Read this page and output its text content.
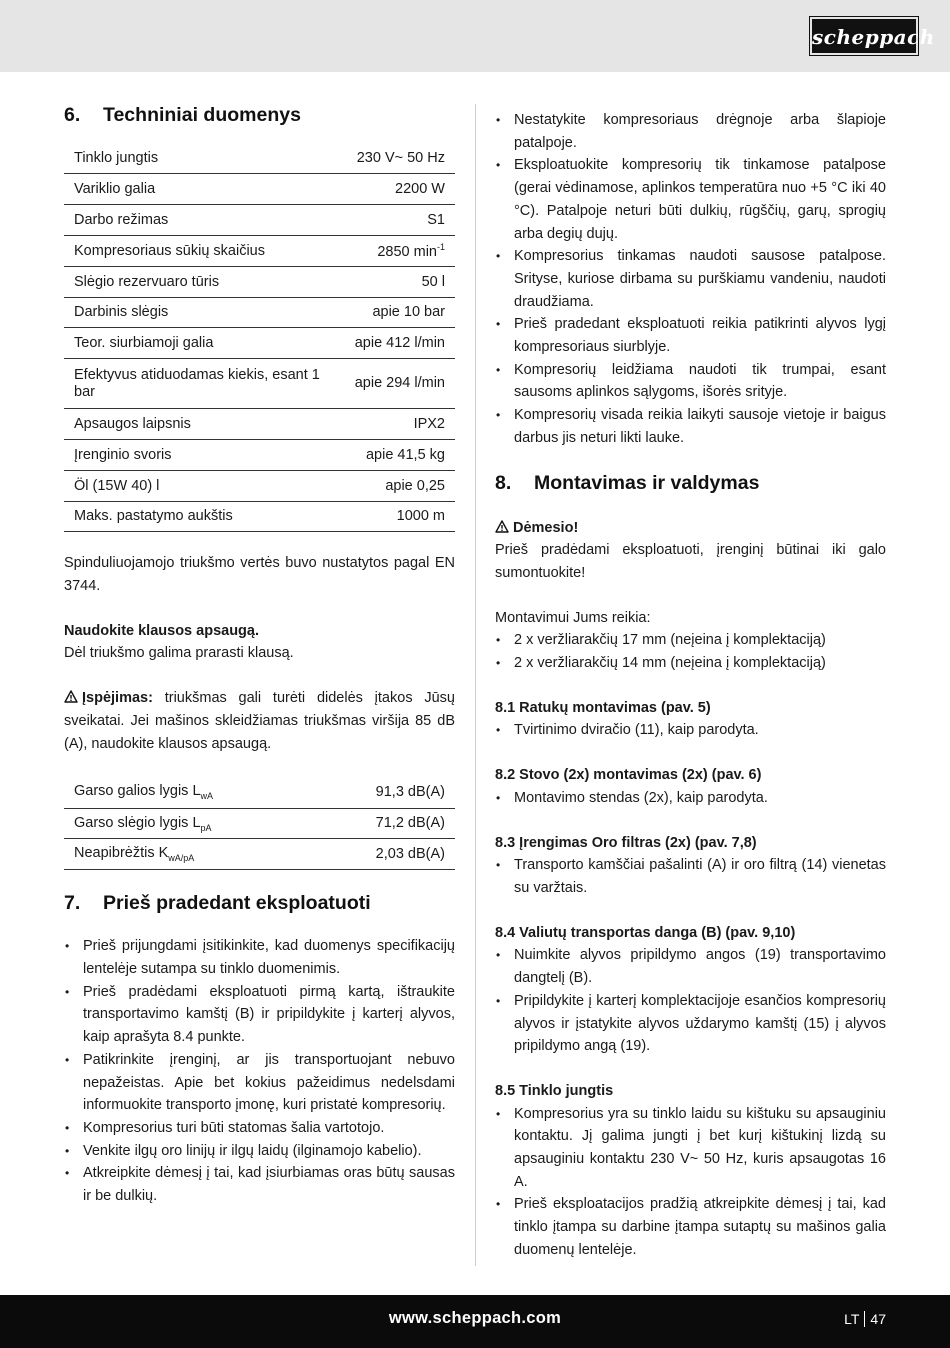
scheppach
6. Techniniai duomenys
Tinklo jungtis	230 V~ 50 Hz
Variklio galia	2200 W
Darbo režimas	S1
Kompresoriaus sūkių skaičius	2850 $\min^{-1}$
Slėgio rezervuaro tūris	50 l
Darbinis slėgis	apie 10 bar
Teor. siurbiamoji galia	apie 412 l/min
Efektyvus atiduodamas kiekis, esant 1 bar	apie 294 l/min
Apsaugos laipsnis	IPX2
Įrenginio svoris	apie 41,5 kg
Öl (15W 40) l	apie 0,25
Maks. pastatymo aukštis	1000 m

Spinduliuojamojo triukšmo vertės buvo nustatytos pagal EN 3744.

Naudokite klausos apsaugą.

Dėl triukšmo galima prarasti klausą.

Įspėjimas: triukšmas gali turėti didelės įtakos Jūsų sveikatai. Jei mašinos skleidžiamas triukšmas viršija 85 dB (A), naudokite klausos apsaugą.

Garso galios lygis $L_{wA}$	91,3 dB(A)
Garso slėgio lygis $L_{pA}$	71,2 dB(A)
Neapibrėžtis $K_{wA/pA}$	2,03 dB(A)
7. Prieš pradedant eksploatuoti
• Prieš prijungdami įsitikinkite, kad duomenys specifikacijų lentelėje sutampa su tinklo duomenimis.
• Prieš pradėdami eksploatuoti pirmą kartą, ištraukite transportavimo kamštį (B) ir pripildykite į karterį alyvos, kaip aprašyta 8.4 punkte.
• Patikrinkite įrenginį, ar jis transportuojant nebuvo nepažeistas. Apie bet kokius pažeidimus nedelsdami informuokite transporto įmonę, kuri pristatė kompresorių.
• Kompresorius turi būti statomas šalia vartotojo.
• Venkite ilgų oro linijų ir ilgų laidų (ilginamojo kabelio).
• Atkreipkite dėmesį į tai, kad įsiurbiamas oras būtų sausas ir be dulkių.
• Nestatykite kompresoriaus drėgnoje arba šlapioje patalpoje.
• Eksploatuokite kompresorių tik tinkamose patalpose (gerai vėdinamose, aplinkos temperatūra nuo +5 °C iki 40 °C). Patalpoje neturi būti dulkių, rūgščių, garų, sprogių arba degių dujų.
• Kompresorius tinkamas naudoti sausose patalpose. Srityse, kuriose dirbama su purškiamu vandeniu, naudoti draudžiama.
• Prieš pradedant eksploatuoti reikia patikrinti alyvos lygį kompresoriaus siurblyje.
• Kompresorių leidžiama naudoti tik trumpai, esant sausoms aplinkos sąlygoms, išorės srityje.
• Kompresorių visada reikia laikyti sausoje vietoje ir baigus darbus jis neturi likti lauke.
8. Montavimas ir valdymas

Dėmesio!

Prieš pradėdami eksploatuoti, įrenginį būtinai iki galo sumontuokite!

Montavimui Jums reikia:

• 2 x veržliarakčių 17 mm (neįeina į komplektaciją)
• 2 x veržliarakčių 14 mm (neįeina į komplektaciją)
8.1 Ratukų montavimas (pav. 5)
• Tvirtinimo dviračio (11), kaip parodyta.
8.2 Stovo (2x) montavimas (2x) (pav. 6)
• Montavimo stendas (2x), kaip parodyta.
8.3 Įrengimas Oro filtras (2x) (pav. 7,8)
• Transporto kamščiai pašalinti (A) ir oro filtrą (14) vienetas su varžtais.
8.4 Valiutų transportas danga (B) (pav. 9,10)
• Nuimkite alyvos pripildymo angos (19) transportavimo dangtelį (B).
• Pripildykite į karterį komplektacijoje esančios kompresorių alyvos ir įstatykite alyvos uždarymo kamštį (15) į alyvos pripildymo angą (19).
8.5 Tinklo jungtis
• Kompresorius yra su tinklo laidu su kištuku su apsauginiu kontaktu. Jį galima jungti į bet kurį kištukinį lizdą su apsauginiu kontaktu 230 V~ 50 Hz, kuris apsaugotas 16 A.
• Prieš eksploatacijos pradžią atkreipkite dėmesį į tai, kad tinklo įtampa su darbine įtampa sutaptų su mašinos galia duomenų lentelėje.
www.scheppach.com	LT 47
